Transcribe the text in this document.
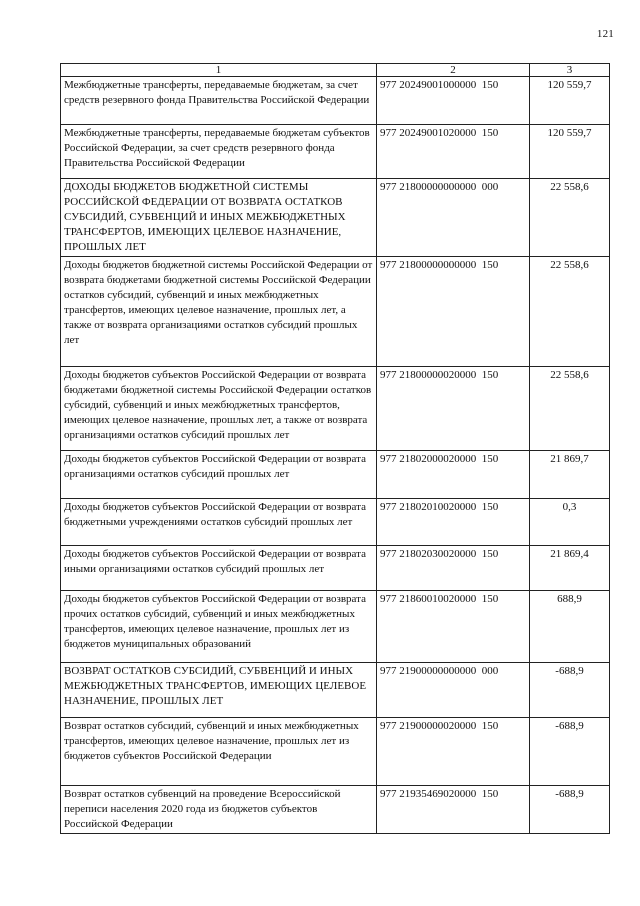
121
1	2	3
Межбюджетные трансферты, передаваемые бюджетам, за счет средств резервного фонда Правительства Российской Федерации	977 20249001000000  150	120 559,7
Межбюджетные трансферты, передаваемые бюджетам субъектов Российской Федерации, за счет средств резервного фонда Правительства Российской Федерации	977 20249001020000  150	120 559,7
ДОХОДЫ БЮДЖЕТОВ БЮДЖЕТНОЙ СИСТЕМЫ РОССИЙСКОЙ ФЕДЕРАЦИИ ОТ ВОЗВРАТА ОСТАТКОВ СУБСИДИЙ, СУБВЕНЦИЙ И ИНЫХ МЕЖБЮДЖЕТНЫХ ТРАНСФЕРТОВ, ИМЕЮЩИХ ЦЕЛЕВОЕ НАЗНАЧЕНИЕ, ПРОШЛЫХ ЛЕТ	977 21800000000000  000	22 558,6
Доходы бюджетов бюджетной системы Российской Федерации от возврата бюджетами бюджетной системы Российской Федерации остатков субсидий, субвенций и иных межбюджетных трансфертов, имеющих целевое назначение, прошлых лет, а также от возврата организациями остатков субсидий прошлых лет	977 21800000000000  150	22 558,6
Доходы бюджетов субъектов Российской Федерации от возврата бюджетами бюджетной системы Российской Федерации остатков субсидий, субвенций и иных межбюджетных трансфертов, имеющих целевое назначение, прошлых лет, а также от возврата организациями остатков субсидий прошлых лет	977 21800000020000  150	22 558,6
Доходы бюджетов субъектов Российской Федерации от возврата организациями остатков субсидий прошлых лет	977 21802000020000  150	21 869,7
Доходы бюджетов субъектов Российской Федерации от возврата бюджетными учреждениями остатков субсидий прошлых лет	977 21802010020000  150	0,3
Доходы бюджетов субъектов Российской Федерации от возврата иными организациями остатков субсидий прошлых лет	977 21802030020000  150	21 869,4
Доходы бюджетов субъектов Российской Федерации от возврата прочих остатков субсидий, субвенций и иных межбюджетных трансфертов, имеющих целевое назначение, прошлых лет из бюджетов муниципальных образований	977 21860010020000  150	688,9
ВОЗВРАТ ОСТАТКОВ СУБСИДИЙ, СУБВЕНЦИЙ И ИНЫХ МЕЖБЮДЖЕТНЫХ ТРАНСФЕРТОВ, ИМЕЮЩИХ ЦЕЛЕВОЕ НАЗНАЧЕНИЕ, ПРОШЛЫХ ЛЕТ	977 21900000000000  000	-688,9
Возврат остатков субсидий, субвенций и иных межбюджетных трансфертов, имеющих целевое назначение, прошлых лет из бюджетов субъектов Российской Федерации	977 21900000020000  150	-688,9
Возврат остатков субвенций на проведение Всероссийской переписи населения 2020 года из бюджетов субъектов Российской Федерации	977 21935469020000  150	-688,9
